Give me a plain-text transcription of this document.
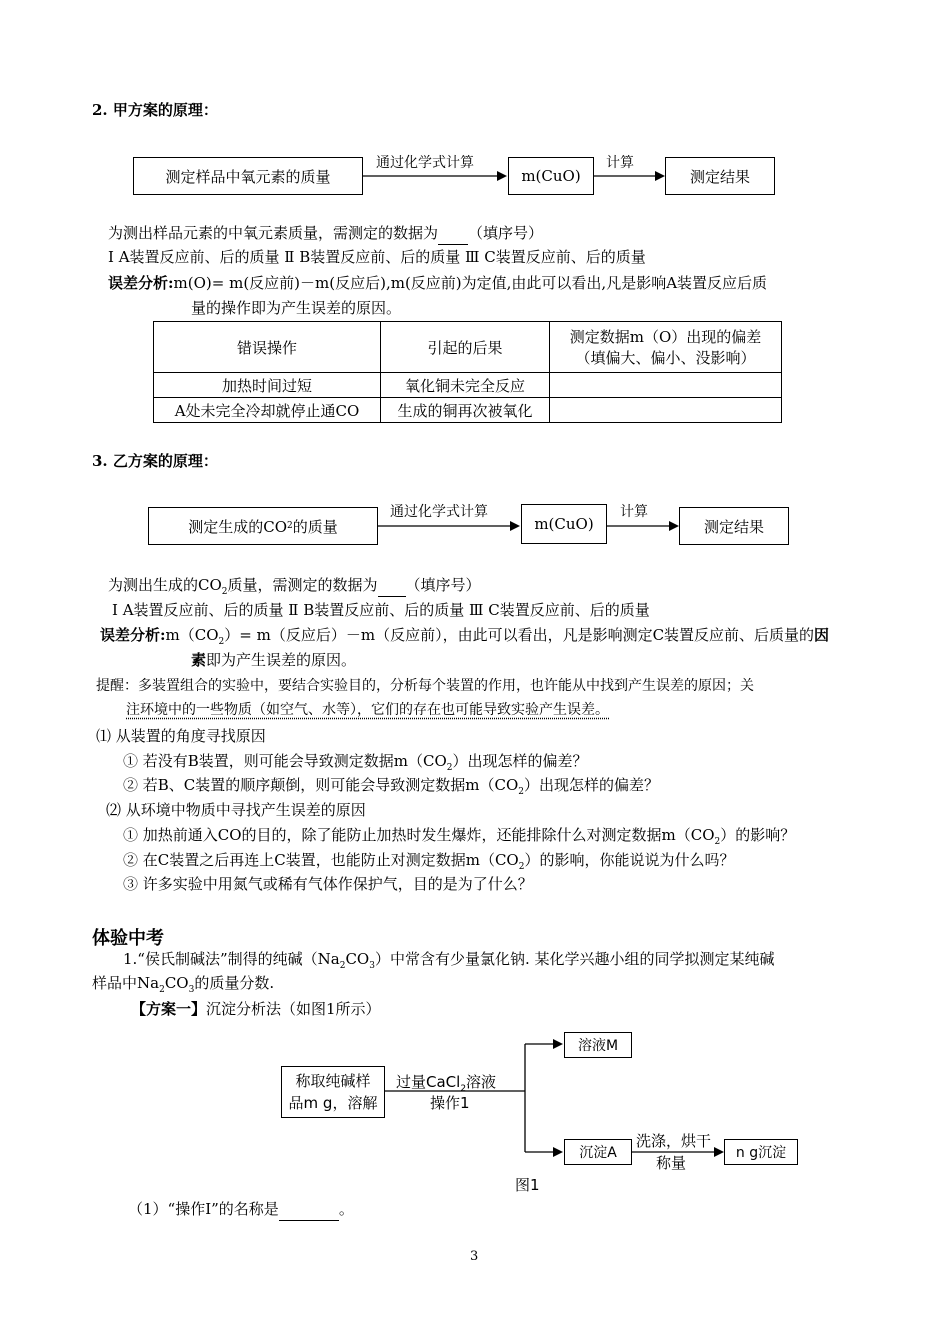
2. 甲方案的原理：
测定样品中氧元素的质量
通过化学式计算
m(CuO)
计算
测定结果
为测出样品元素的中氧元素质量，需测定的数据为 （填序号）
Ⅰ A装置反应前、后的质量 Ⅱ B装置反应前、后的质量 Ⅲ C装置反应前、后的质量
误差分析:m(O)= m(反应前)－m(反应后),m(反应前)为定值,由此可以看出,凡是影响A装置反应后质
量的操作即为产生误差的原因。
错误操作	引起的后果	测定数据m（O）出现的偏差
（填偏大、偏小、没影响）

加热时间过短	氧化铜未完全反应	
A处未完全冷却就停止通CO	生成的铜再次被氧化	
3. 乙方案的原理：
测定生成的CO 2 的质量
通过化学式计算
m(CuO)
计算
测定结果
为测出生成的$CO_2$质量，需测定的数据为 （填序号）
Ⅰ A装置反应前、后的质量 Ⅱ B装置反应前、后的质量 Ⅲ C装置反应前、后的质量
误差分析$:m(CO_2)= m$（反应后）－m（反应前），由此可以看出，凡是影响测定C装置反应前、后质量的因
素即为产生误差的原因。
提醒：多装置组合的实验中，要结合实验目的，分析每个装置的作用，也许能从中找到产生误差的原因；关
注环境中的一些物质（如空气、水等），它们的存在也可能导致实验产生误差。
⑴ 从装置的角度寻找原因
① 若没有B装置，则可能会导致测定数据$m(CO_2)$出现怎样的偏差？
② 若B、C装置的顺序颠倒，则可能会导致测定数据$m(CO_2)$出现怎样的偏差？
⑵ 从环境中物质中寻找产生误差的原因
① 加热前通入CO的目的，除了能防止加热时发生爆炸，还能排除什么对测定数据$m(CO_2)$的影响？
② 在C装置之后再连上C装置，也能防止对测定数据$m(CO_2)$的影响，你能说说为什么吗？
③ 许多实验中用氮气或稀有气体作保护气，目的是为了什么？
体验中考
1.“侯氏制碱法”制得的纯碱$(Na_2CO_3)$中常含有少量氯化钠. 某化学兴趣小组的同学拟测定某纯碱
样品中$Na_2CO_3$的质量分数.
【方案一】沉淀分析法（如图1所示）
称取纯碱样
品m g，溶解
过量CaCl$_2$溶液
操作1
溶液M
沉淀A
洗涤，烘干
称量
n g沉淀
图1
（1）“操作Ⅰ”的名称是	。
3
